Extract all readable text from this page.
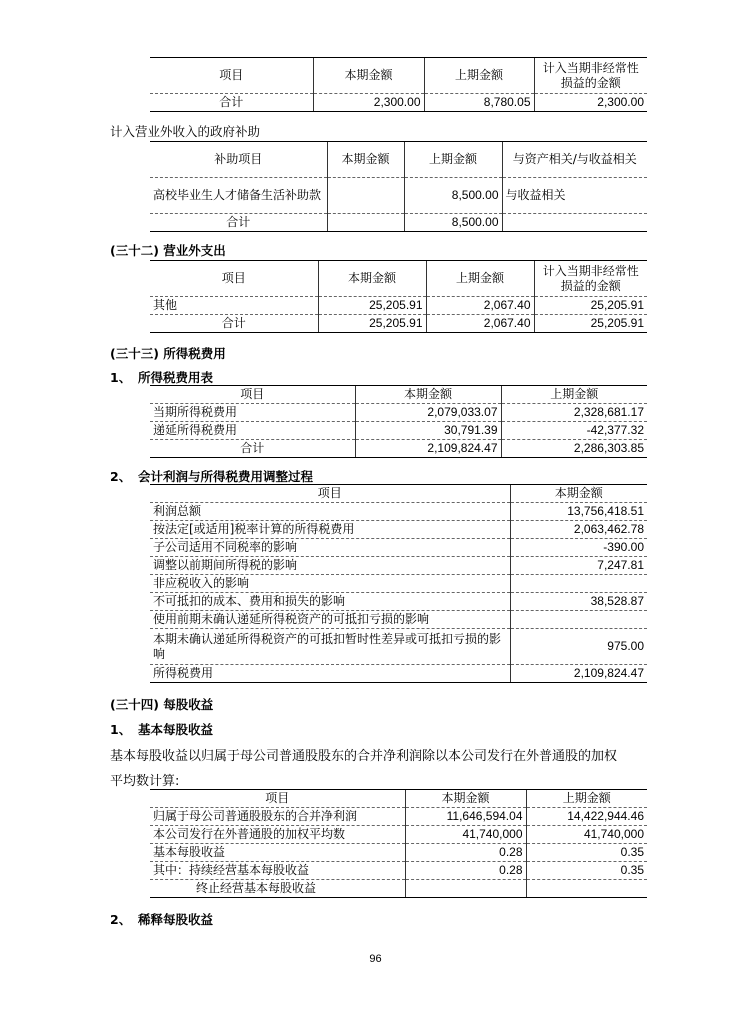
项目	本期金额	上期金额	计入当期非经常性损益的金额
合计	2,300.00	8,780.05	2,300.00
计入营业外收入的政府补助
补助项目	本期金额	上期金额	与资产相关/与收益相关
高校毕业生人才储备生活补助款		8,500.00	与收益相关
合计		8,500.00	
(三十二) 营业外支出
项目	本期金额	上期金额	计入当期非经常性损益的金额
其他	25,205.91	2,067.40	25,205.91
合计	25,205.91	2,067.40	25,205.91
(三十三) 所得税费用
1、 所得税费用表
项目	本期金额	上期金额
当期所得税费用	2,079,033.07	2,328,681.17
递延所得税费用	30,791.39	-42,377.32
合计	2,109,824.47	2,286,303.85
2、 会计利润与所得税费用调整过程
项目	本期金额
利润总额	13,756,418.51
按法定[或适用]税率计算的所得税费用	2,063,462.78
子公司适用不同税率的影响	-390.00
调整以前期间所得税的影响	7,247.81
非应税收入的影响	
不可抵扣的成本、费用和损失的影响	38,528.87
使用前期未确认递延所得税资产的可抵扣亏损的影响	
本期未确认递延所得税资产的可抵扣暂时性差异或可抵扣亏损的影响	975.00
所得税费用	2,109,824.47
(三十四) 每股收益
1、 基本每股收益
基本每股收益以归属于母公司普通股股东的合并净利润除以本公司发行在外普通股的加权
平均数计算:
项目	本期金额	上期金额
归属于母公司普通股股东的合并净利润	11,646,594.04	14,422,944.46
本公司发行在外普通股的加权平均数	41,740,000	41,740,000
基本每股收益	0.28	0.35
其中：持续经营基本每股收益	0.28	0.35
终止经营基本每股收益		
2、 稀释每股收益
96
